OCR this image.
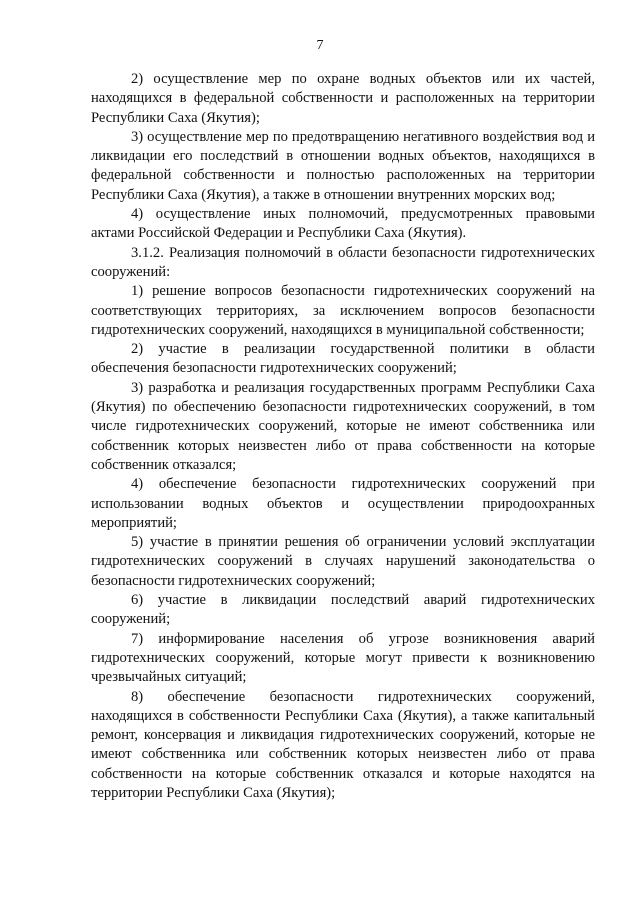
7

2) осуществление мер по охране водных объектов или их частей, находящихся в федеральной собственности и расположенных на территории Республики Саха (Якутия);

3) осуществление мер по предотвращению негативного воздействия вод и ликвидации его последствий в отношении водных объектов, находящихся в федеральной собственности и полностью расположенных на территории Республики Саха (Якутия), а также в отношении внутренних морских вод;

4) осуществление иных полномочий, предусмотренных правовыми актами Российской Федерации и Республики Саха (Якутия).

3.1.2. Реализация полномочий в области безопасности гидротехнических сооружений:

1) решение вопросов безопасности гидротехнических сооружений на соответствующих территориях, за исключением вопросов безопасности гидротехнических сооружений, находящихся в муниципальной собственности;

2) участие в реализации государственной политики в области обеспечения безопасности гидротехнических сооружений;

3) разработка и реализация государственных программ Республики Саха (Якутия) по обеспечению безопасности гидротехнических сооружений, в том числе гидротехнических сооружений, которые не имеют собственника или собственник которых неизвестен либо от права собственности на которые собственник отказался;

4) обеспечение безопасности гидротехнических сооружений при использовании водных объектов и осуществлении природоохранных мероприятий;

5) участие в принятии решения об ограничении условий эксплуатации гидротехнических сооружений в случаях нарушений законодательства о безопасности гидротехнических сооружений;

6) участие в ликвидации последствий аварий гидротехнических сооружений;

7) информирование населения об угрозе возникновения аварий гидротехнических сооружений, которые могут привести к возникновению чрезвычайных ситуаций;

8) обеспечение безопасности гидротехнических сооружений, находящихся в собственности Республики Саха (Якутия), а также капитальный ремонт, консервация и ликвидация гидротехнических сооружений, которые не имеют собственника или собственник которых неизвестен либо от права собственности на которые собственник отказался и которые находятся на территории Республики Саха (Якутия);
